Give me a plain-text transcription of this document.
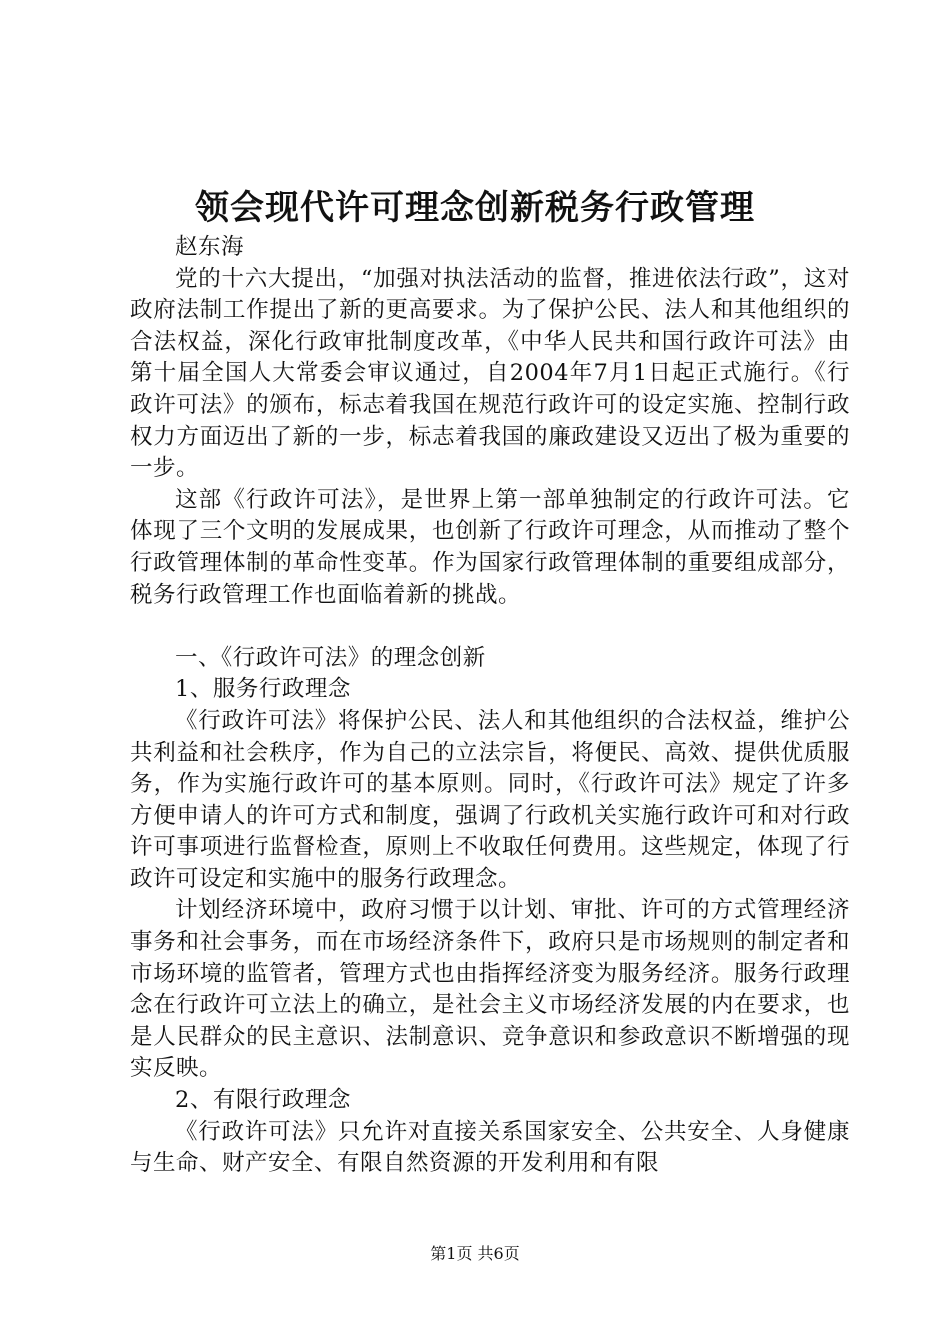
领会现代许可理念创新税务行政管理

赵东海

党的十六大提出，“加强对执法活动的监督，推进依法行政”，这对政府法制工作提出了新的更高要求。为了保护公民、法人和其他组织的合法权益，深化行政审批制度改革，《中华人民共和国行政许可法》由第十届全国人大常委会审议通过，自2004年7月1日起正式施行。《行政许可法》的颁布，标志着我国在规范行政许可的设定实施、控制行政权力方面迈出了新的一步，标志着我国的廉政建设又迈出了极为重要的一步。

这部《行政许可法》，是世界上第一部单独制定的行政许可法。它体现了三个文明的发展成果，也创新了行政许可理念，从而推动了整个行政管理体制的革命性变革。作为国家行政管理体制的重要组成部分，税务行政管理工作也面临着新的挑战。

一、《行政许可法》的理念创新

1、服务行政理念

《行政许可法》将保护公民、法人和其他组织的合法权益，维护公共利益和社会秩序，作为自己的立法宗旨，将便民、高效、提供优质服务，作为实施行政许可的基本原则。同时，《行政许可法》规定了许多方便申请人的许可方式和制度，强调了行政机关实施行政许可和对行政许可事项进行监督检查，原则上不收取任何费用。这些规定，体现了行政许可设定和实施中的服务行政理念。

计划经济环境中，政府习惯于以计划、审批、许可的方式管理经济事务和社会事务，而在市场经济条件下，政府只是市场规则的制定者和市场环境的监管者，管理方式也由指挥经济变为服务经济。服务行政理念在行政许可立法上的确立，是社会主义市场经济发展的内在要求，也是人民群众的民主意识、法制意识、竞争意识和参政意识不断增强的现实反映。

2、有限行政理念

《行政许可法》只允许对直接关系国家安全、公共安全、人身健康与生命、财产安全、有限自然资源的开发利用和有限

第1页 共6页
